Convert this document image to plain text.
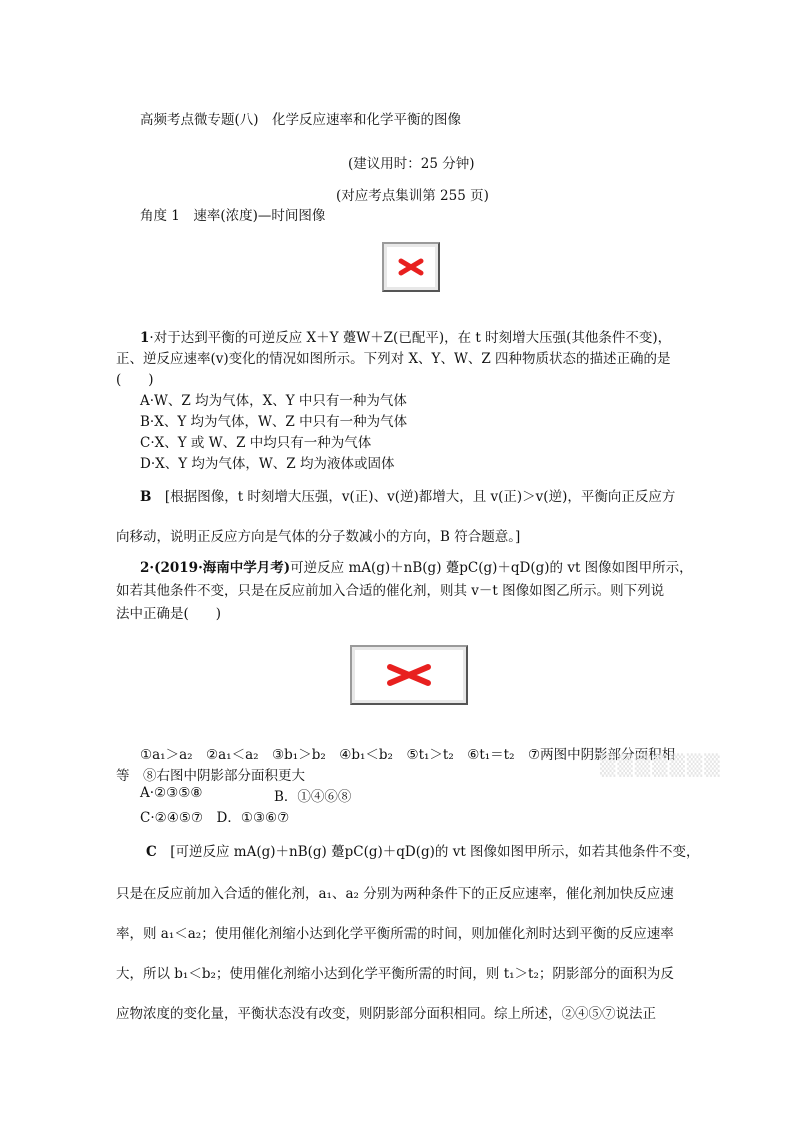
高频考点微专题(八)　化学反应速率和化学平衡的图像
(建议用时：25 分钟)
(对应考点集训第 255 页)
角度 1　速率(浓度)—时间图像
1·对于达到平衡的可逆反应 X＋Y 躉W＋Z(已配平)，在 t 时刻增大压强(其他条件不变)，
正、逆反应速率(v)变化的情况如图所示。下列对 X、Y、W、Z 四种物质状态的描述正确的是
(　　)
A·W、Z 均为气体，X、Y 中只有一种为气体
B·X、Y 均为气体，W、Z 中只有一种为气体
C·X、Y 或 W、Z 中均只有一种为气体
D·X、Y 均为气体，W、Z 均为液体或固体
B　 [根据图像，t 时刻增大压强，v(正)、v(逆)都增大，且 v(正)＞v(逆)，平衡向正反应方
向移动，说明正反应方向是气体的分子数减小的方向，B 符合题意。]
2·(2019·海南中学月考)可逆反应 mA(g)＋nB(g) 躉pC(g)＋qD(g)的 vt 图像如图甲所示，
如若其他条件不变，只是在反应前加入合适的催化剂，则其 v－t 图像如图乙所示。则下列说
法中正确是(　　)
①a₁＞a₂　②a₁＜a₂　③b₁＞b₂　④b₁＜b₂　⑤t₁＞t₂　⑥t₁＝t₂　⑦两图中阴影部分面积相
等　⑧右图中阴影部分面积更大
A·②③⑤⑧	B．①④⑥⑧
C·②④⑤⑦　D．①③⑥⑦
▒▒▒▒▒▒▒
C　 [可逆反应 mA(g)＋nB(g) 躉pC(g)＋qD(g)的 vt 图像如图甲所示，如若其他条件不变，
只是在反应前加入合适的催化剂，a₁、a₂ 分别为两种条件下的正反应速率，催化剂加快反应速
率，则 a₁＜a₂；使用催化剂缩小达到化学平衡所需的时间，则加催化剂时达到平衡的反应速率
大，所以 b₁＜b₂；使用催化剂缩小达到化学平衡所需的时间，则 t₁＞t₂；阴影部分的面积为反
应物浓度的变化量，平衡状态没有改变，则阴影部分面积相同。综上所述，②④⑤⑦说法正
